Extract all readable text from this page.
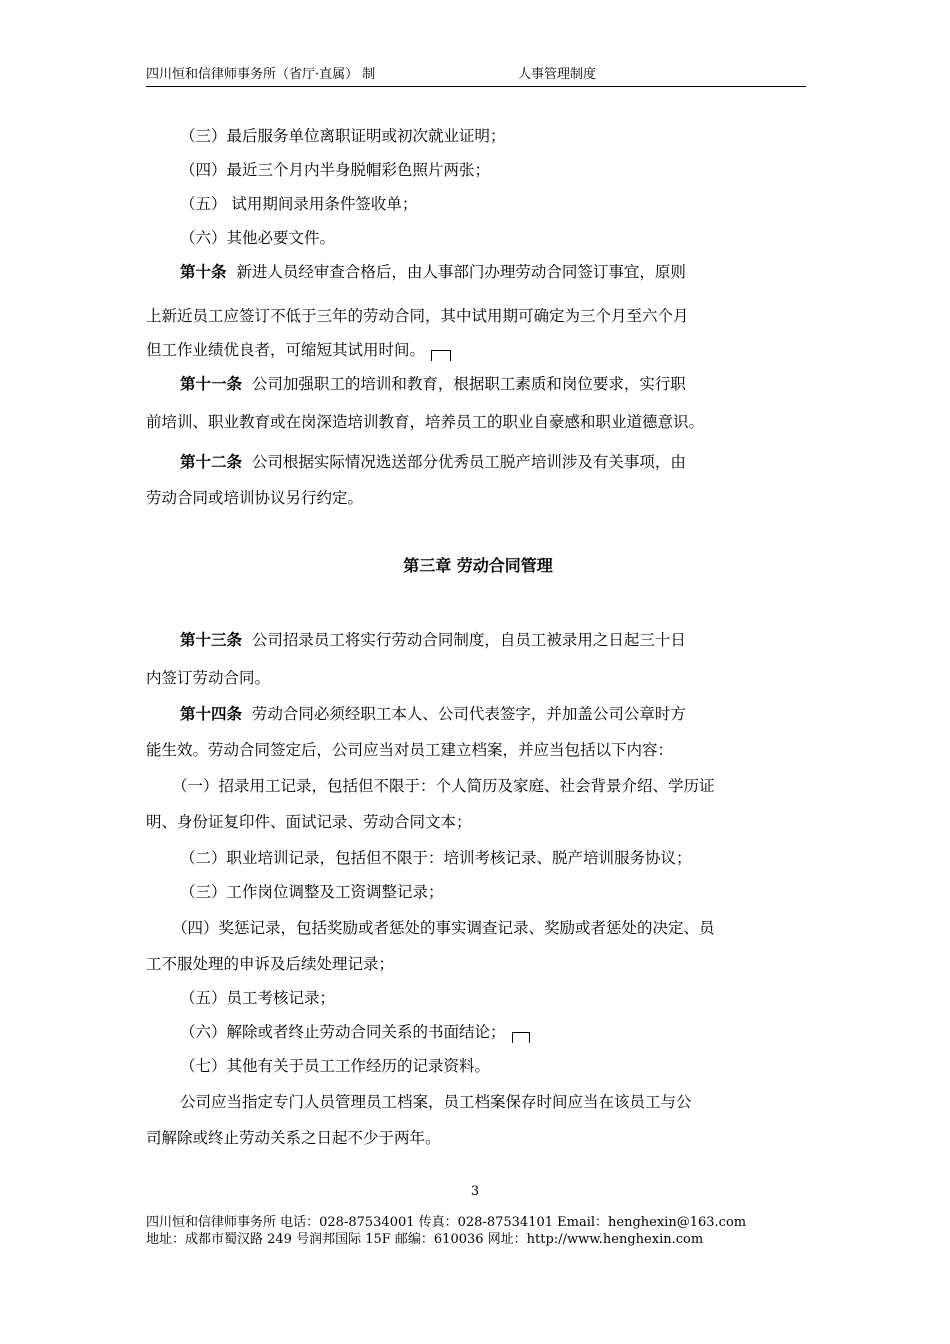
四川恒和信律师事务所（省厅·直属） 制	人事管理制度
（三）最后服务单位离职证明或初次就业证明；
（四）最近三个月内半身脱帽彩色照片两张；
（五） 试用期间录用条件签收单；
（六）其他必要文件。
第十条 新进人员经审查合格后，由人事部门办理劳动合同签订事宜，原则
上新近员工应签订不低于三年的劳动合同，其中试用期可确定为三个月至六个月
但工作业绩优良者，可缩短其试用时间。
第十一条 公司加强职工的培训和教育，根据职工素质和岗位要求，实行职
前培训、职业教育或在岗深造培训教育，培养员工的职业自豪感和职业道德意识。
第十二条 公司根据实际情况选送部分优秀员工脱产培训涉及有关事项，由
劳动合同或培训协议另行约定。
第三章 劳动合同管理
第十三条 公司招录员工将实行劳动合同制度，自员工被录用之日起三十日
内签订劳动合同。
第十四条 劳动合同必须经职工本人、公司代表签字，并加盖公司公章时方
能生效。劳动合同签定后，公司应当对员工建立档案，并应当包括以下内容：
（一）招录用工记录，包括但不限于：个人简历及家庭、社会背景介绍、学历证
明、身份证复印件、面试记录、劳动合同文本；
（二）职业培训记录，包括但不限于：培训考核记录、脱产培训服务协议；
（三）工作岗位调整及工资调整记录；
（四）奖惩记录，包括奖励或者惩处的事实调查记录、奖励或者惩处的决定、员
工不服处理的申诉及后续处理记录；
（五）员工考核记录；
（六）解除或者终止劳动合同关系的书面结论；
（七）其他有关于员工工作经历的记录资料。
公司应当指定专门人员管理员工档案，员工档案保存时间应当在该员工与公
司解除或终止劳动关系之日起不少于两年。
3
四川恒和信律师事务所 电话：028-87534001 传真：028-87534101 Email：henghexin@163.com
地址：成都市蜀汉路 249 号润邦国际 15F 邮编：610036 网址：http://www.henghexin.com
